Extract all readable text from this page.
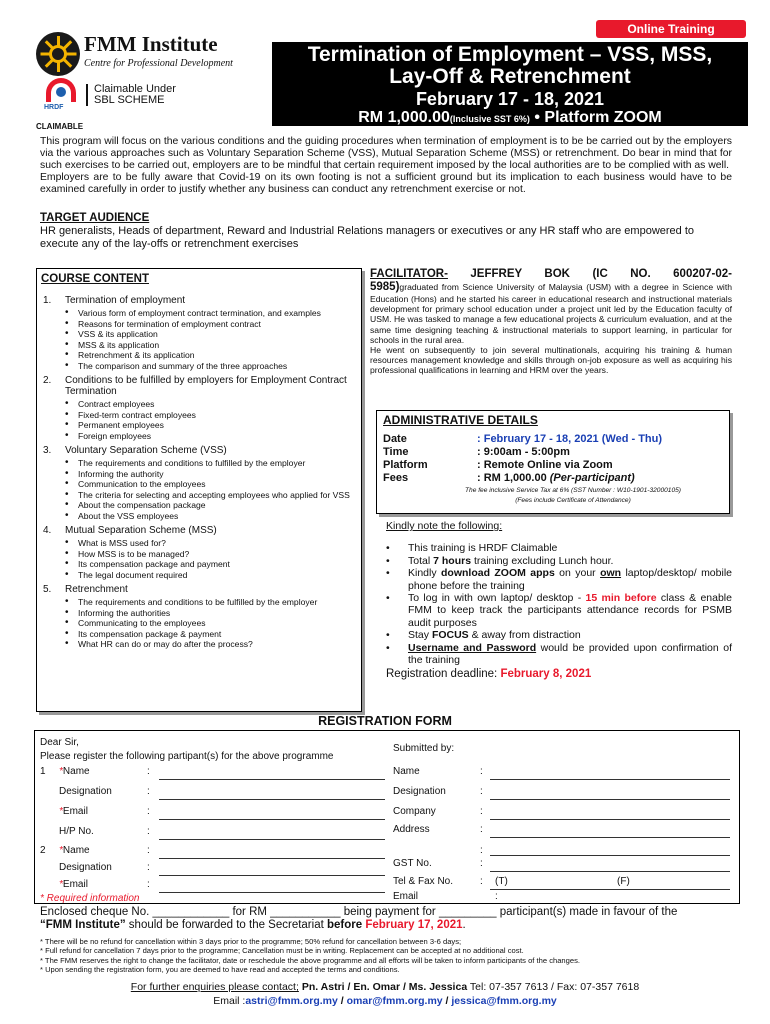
Online Training
FMM Institute
Centre for Professional Development
HRDF
CLAIMABLE
Claimable Under SBL SCHEME
Termination of Employment – VSS, MSS,
Lay-Off & Retrenchment
February 17 - 18, 2021
RM 1,000.00(Inclusive SST 6%) • Platform ZOOM
This program will focus on the various conditions and the guiding procedures when termination of employment is to be be carried out by the employers via the various approaches such as Voluntary Separation Scheme (VSS), Mutual Separation Scheme (MSS) or retrenchment. Do bear in mind that for such exercises to be carried out, employers are to be mindful that certain requirement imposed by the local authorities are to be complied with as well.
Employers are to be fully aware that Covid-19 on its own footing is not a sufficient ground but its implication to each business would have to be examined carefully in order to justify whether any business can conduct any retrenchment exercise or not.
TARGET AUDIENCE
HR generalists, Heads of department, Reward and Industrial Relations managers or executives or any HR staff who are empowered to execute any of the lay-offs or retrenchment exercises
COURSE CONTENT
1. Termination of employment
• Various form of employment contract termination, and examples
• Reasons for termination of employment contract
• VSS & its application
• MSS & its application
• Retrenchment & its application
• The comparison and summary of the three approaches
2. Conditions to be fulfilled by employers for Employment Contract Termination
• Contract employees
• Fixed-term contract employees
• Permanent employees
• Foreign employees
3. Voluntary Separation Scheme (VSS)
• The requirements and conditions to fulfilled by the employer
• Informing the authority
• Communication to the employees
• The criteria for selecting and accepting employees who applied for VSS
• About the compensation package
• About the VSS employees
4. Mutual Separation Scheme (MSS)
• What is MSS used for?
• How MSS is to be managed?
• Its compensation package and payment
• The legal document required
5. Retrenchment
• The requirements and conditions to be fulfilled by the employer
• Informing the authorities
• Communicating to the employees
• Its compensation package & payment
• What HR can do or may do after the process?
FACILITATOR- JEFFREY BOK (IC NO. 600207-02-5985)graduated from Science University of Malaysia (USM) with a degree in Science with Education (Hons) and he started his career in educational research and instructional materials development for primary school education under a project unit led by the Education faculty of USM. He was tasked to manage a few educational projects & curriculum evaluation, and at the same time designing teaching & instructional materials to support learning, in particular for schools in the rural area.
He went on subsequently to join several multinationals, acquiring his training & human resources management knowledge and skills through on-job exposure as well as acquiring his professional qualifications in learning and HRM over the years.
ADMINISTRATIVE DETAILS
Date	: February 17 - 18, 2021 (Wed - Thu)
Time	: 9:00am - 5:00pm
Platform	: Remote Online via Zoom
Fees	: RM 1,000.00 (Per-participant)
The fee inclusive Service Tax at 6% (SST Number : W10-1901-32000105)
(Fees include Certificate of Attendance)
Kindly note the following:
• This training is HRDF Claimable
• Total 7 hours training excluding Lunch hour.
• Kindly download ZOOM apps on your own laptop/desktop/ mobile phone before the training
• To log in with own laptop/ desktop - 15 min before class & enable FMM to keep track the participants attendance records for PSMB audit purposes
• Stay FOCUS & away from distraction
• Username and Password would be provided upon confirmation of the training
Registration deadline: February 8, 2021
REGISTRATION FORM
Dear Sir,
Please register the following partipant(s) for the above programme
Submitted by:
1 *Name	:
Designation	:
*Email	:
H/P No.	:
2 *Name	:
Designation	:
*Email	:
* Required information
Name	:
Designation	:
Company	:
Address	:
:
GST No.	:
Tel & Fax No.	: (T)	(F)
Email	:
Enclosed cheque No. ____________ for RM ___________ being payment for _________ participant(s) made in favour of the
“FMM Institute” should be forwarded to the Secretariat before February 17, 2021.
* There will be no refund for cancellation within 3 days prior to the programme; 50% refund for cancellation between 3-6 days;
* Full refund for cancellation 7 days prior to the programme; Cancellation must be in writing. Replacement can be accepted at no additional cost.
* The FMM reserves the right to change the facilitator, date or reschedule the above programme and all efforts will be taken to inform participants of the changes.
* Upon sending the registration form, you are deemed to have read and accepted the terms and conditions.
For further enquiries please contact; Pn. Astri / En. Omar / Ms. Jessica Tel: 07-357 7613 / Fax: 07-357 7618
Email :astri@fmm.org.my / omar@fmm.org.my / jessica@fmm.org.my
